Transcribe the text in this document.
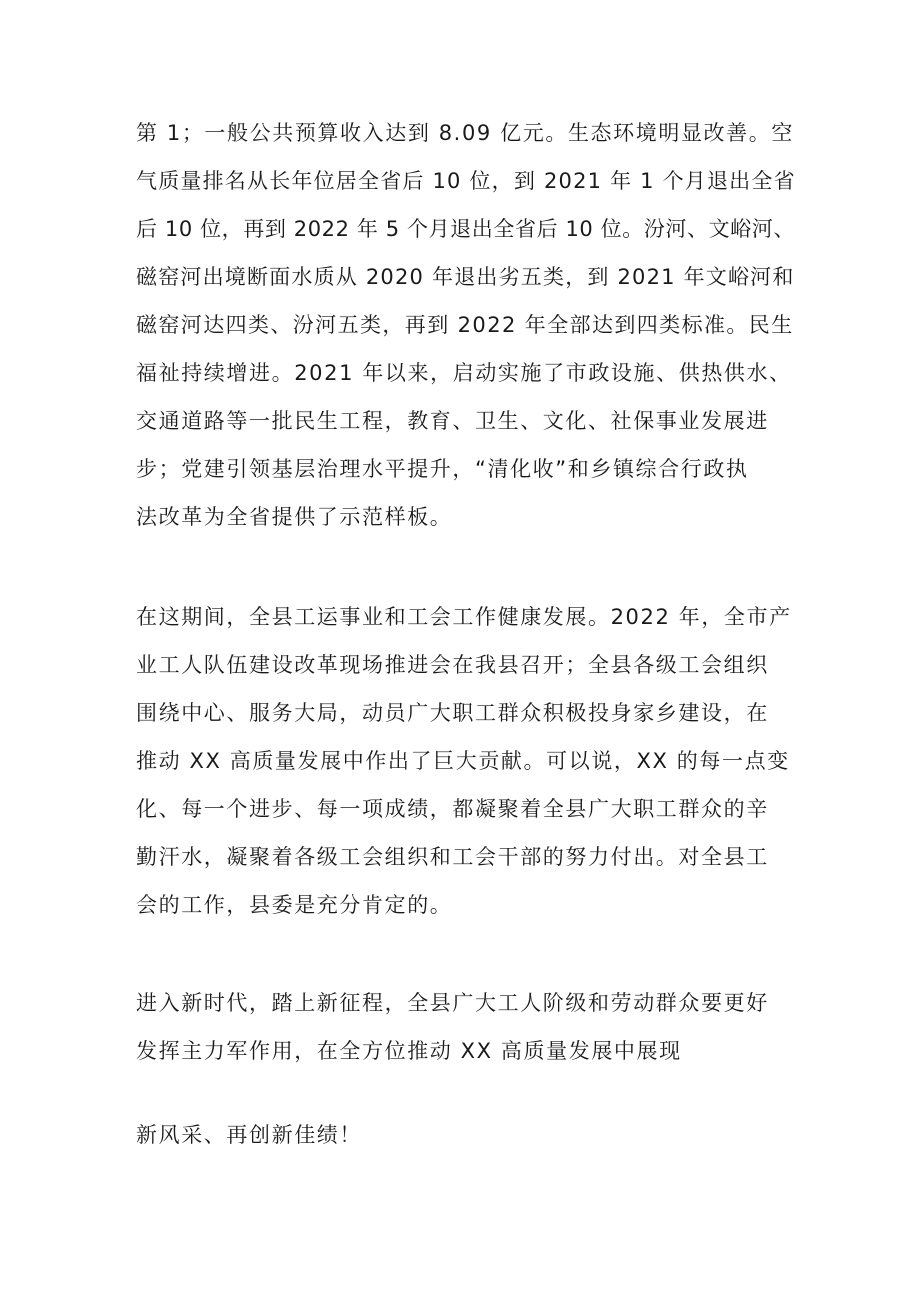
第 1；一般公共预算收入达到 8.09 亿元。生态环境明显改善。空
气质量排名从长年位居全省后 10 位，到 2021 年 1 个月退出全省
后 10 位，再到 2022 年 5 个月退出全省后 10 位。汾河、文峪河、
磁窑河出境断面水质从 2020 年退出劣五类，到 2021 年文峪河和
磁窑河达四类、汾河五类，再到 2022 年全部达到四类标准。民生
福祉持续增进。2021 年以来，启动实施了市政设施、供热供水、
交通道路等一批民生工程，教育、卫生、文化、社保事业发展进
步；党建引领基层治理水平提升，“清化收”和乡镇综合行政执
法改革为全省提供了示范样板。
在这期间，全县工运事业和工会工作健康发展。2022 年，全市产
业工人队伍建设改革现场推进会在我县召开；全县各级工会组织
围绕中心、服务大局，动员广大职工群众积极投身家乡建设，在
推动 XX 高质量发展中作出了巨大贡献。可以说，XX 的每一点变
化、每一个进步、每一项成绩，都凝聚着全县广大职工群众的辛
勤汗水，凝聚着各级工会组织和工会干部的努力付出。对全县工
会的工作，县委是充分肯定的。
进入新时代，踏上新征程，全县广大工人阶级和劳动群众要更好
发挥主力军作用，在全方位推动 XX 高质量发展中展现
新风采、再创新佳绩！
